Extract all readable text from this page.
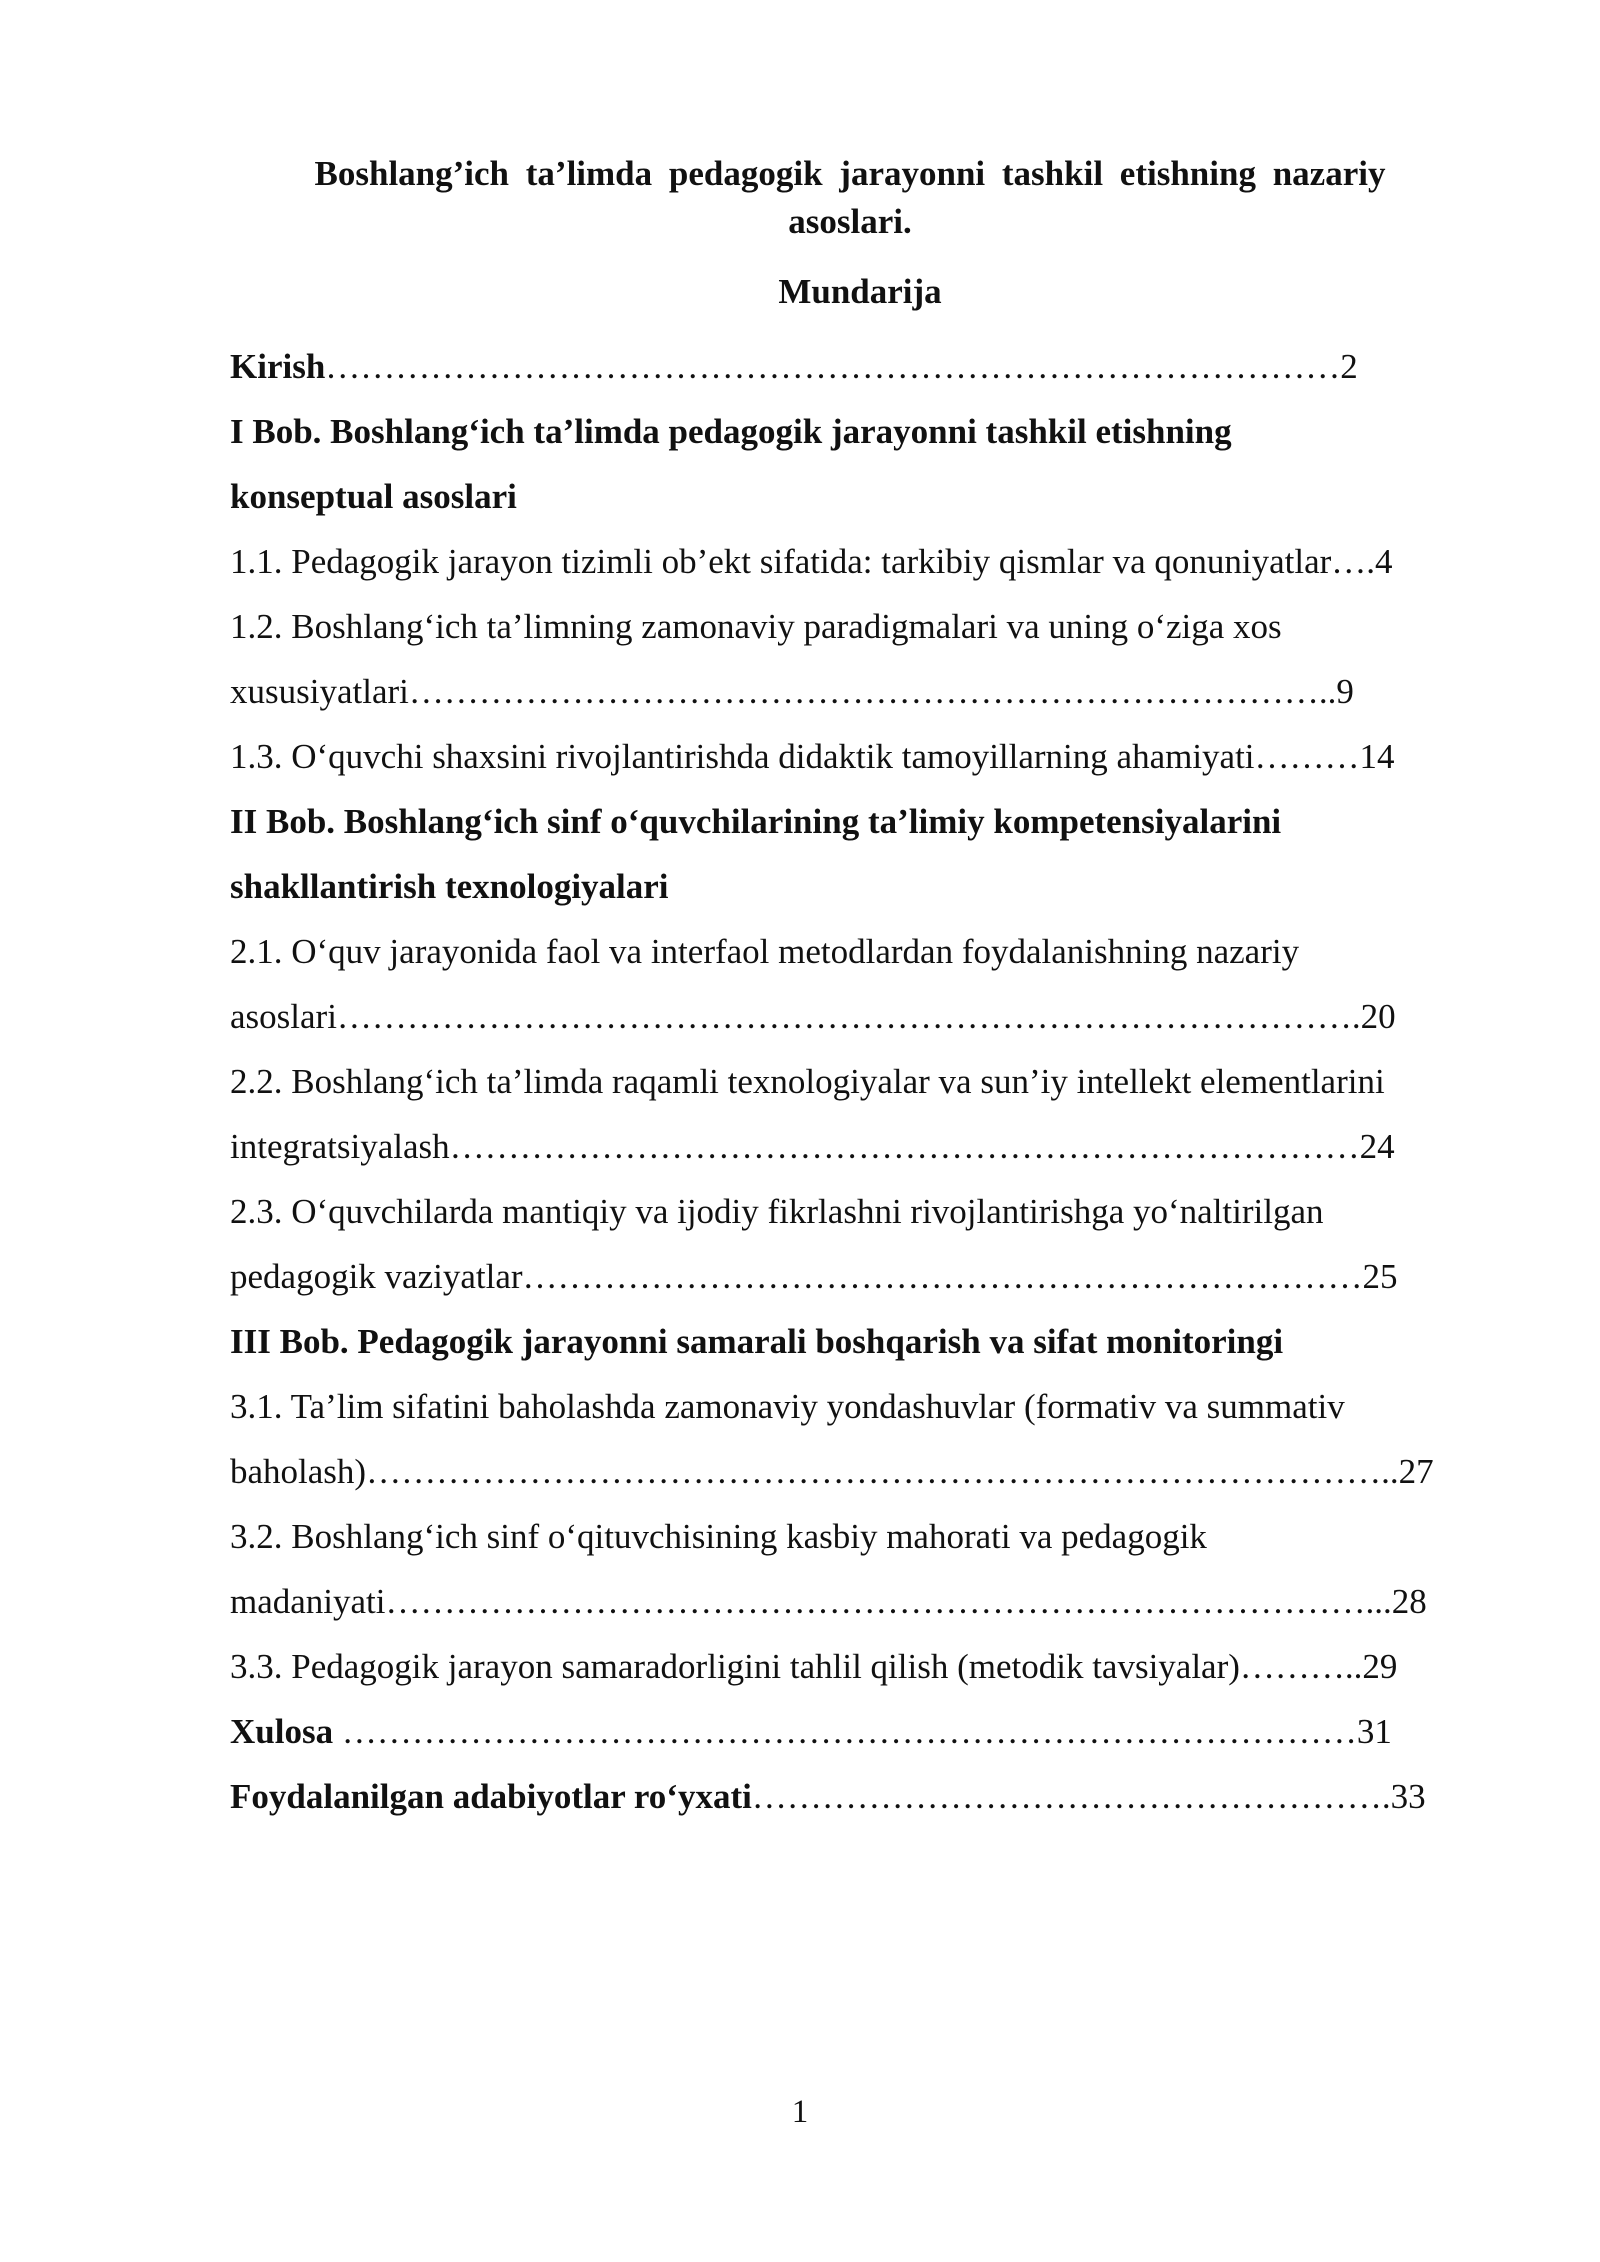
Boshlang’ich ta’limda pedagogik jarayonni tashkil etishning nazariy asoslari.
Mundarija
Kirish……………………………………………………………………………2
I Bob. Boshlang‘ich ta’limda pedagogik jarayonni tashkil etishning
konseptual asoslari
1.1. Pedagogik jarayon tizimli ob’ekt sifatida: tarkibiy qismlar va qonuniyatlar….4
1.2. Boshlang‘ich ta’limning zamonaviy paradigmalari va uning o‘ziga xos
xususiyatlari……………………………………………………………………..9
1.3. O‘quvchi shaxsini rivojlantirishda didaktik tamoyillarning ahamiyati………14
II Bob. Boshlang‘ich sinf o‘quvchilarining ta’limiy kompetensiyalarini
shakllantirish texnologiyalari
2.1. O‘quv jarayonida faol va interfaol metodlardan foydalanishning nazariy
asoslari…………………………………………………………………………….20
2.2. Boshlang‘ich ta’limda raqamli texnologiyalar va sun’iy intellekt elementlarini
integratsiyalash……………………………………………………………………24
2.3. O‘quvchilarda mantiqiy va ijodiy fikrlashni rivojlantirishga yo‘naltirilgan
pedagogik vaziyatlar………………………………………………………………25
III Bob. Pedagogik jarayonni samarali boshqarish va sifat monitoringi
3.1. Ta’lim sifatini baholashda zamonaviy yondashuvlar (formativ va summativ
baholash)……………………………………………………………………………..27
3.2. Boshlang‘ich sinf o‘qituvchisining kasbiy mahorati va pedagogik
madaniyati…………………………………………………………………………...28
3.3. Pedagogik jarayon samaradorligini tahlil qilish (metodik tavsiyalar)………..29
Xulosa ……………………………………………………………………………31
Foydalanilgan adabiyotlar ro‘yxati……………………………………………….33
1
